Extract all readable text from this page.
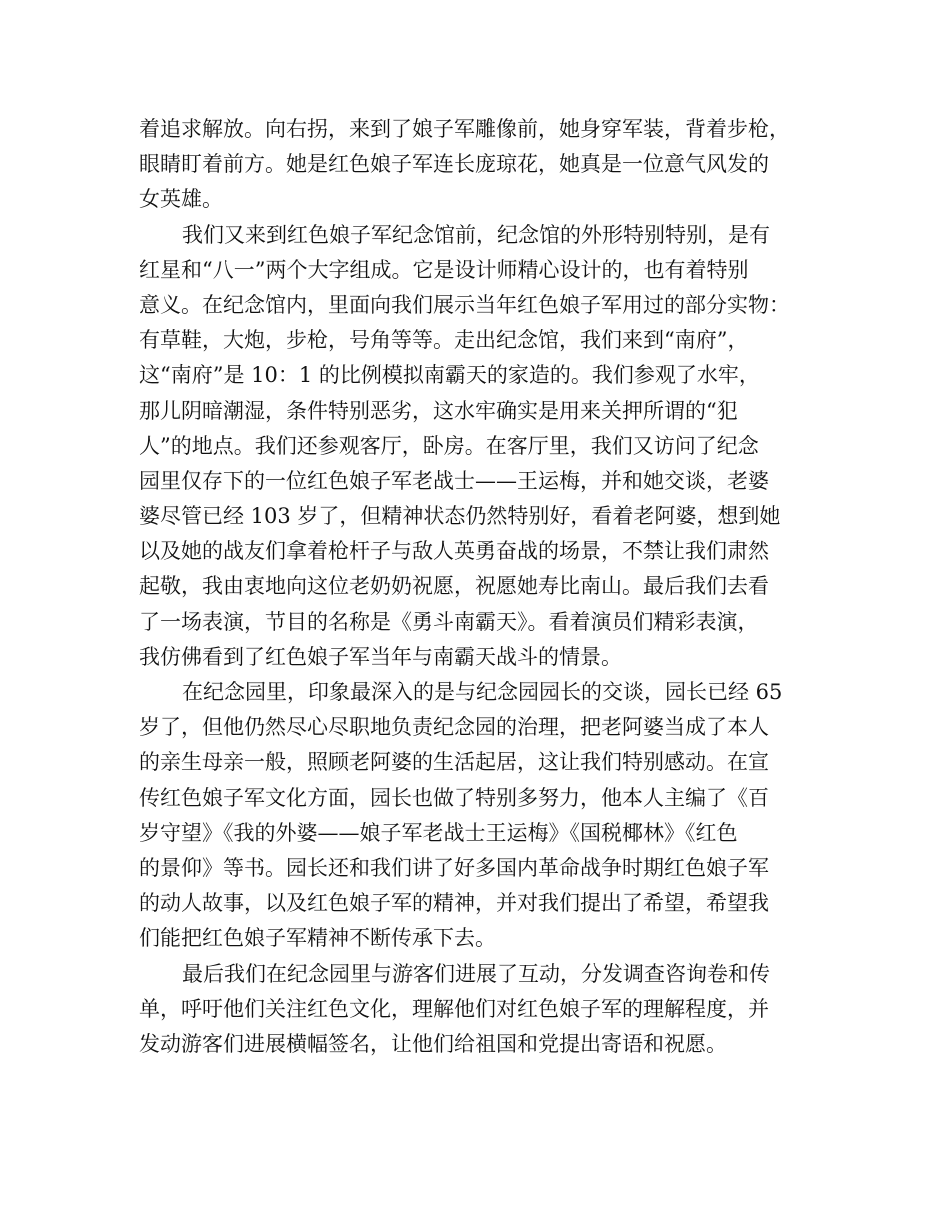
着追求解放。向右拐，来到了娘子军雕像前，她身穿军装，背着步枪，
眼睛盯着前方。她是红色娘子军连长庞琼花，她真是一位意气风发的
女英雄。
我们又来到红色娘子军纪念馆前，纪念馆的外形特别特别，是有
红星和“八一”两个大字组成。它是设计师精心设计的，也有着特别
意义。在纪念馆内，里面向我们展示当年红色娘子军用过的部分实物：
有草鞋，大炮，步枪，号角等等。走出纪念馆，我们来到“南府”，
这“南府”是 10：1 的比例模拟南霸天的家造的。我们参观了水牢，
那儿阴暗潮湿，条件特别恶劣，这水牢确实是用来关押所谓的“犯
人”的地点。我们还参观客厅，卧房。在客厅里，我们又访问了纪念
园里仅存下的一位红色娘子军老战士——王运梅，并和她交谈，老婆
婆尽管已经 103 岁了，但精神状态仍然特别好，看着老阿婆，想到她
以及她的战友们拿着枪杆子与敌人英勇奋战的场景，不禁让我们肃然
起敬，我由衷地向这位老奶奶祝愿，祝愿她寿比南山。最后我们去看
了一场表演，节目的名称是《勇斗南霸天》。看着演员们精彩表演，
我仿佛看到了红色娘子军当年与南霸天战斗的情景。
在纪念园里，印象最深入的是与纪念园园长的交谈，园长已经 65
岁了，但他仍然尽心尽职地负责纪念园的治理，把老阿婆当成了本人
的亲生母亲一般，照顾老阿婆的生活起居，这让我们特别感动。在宣
传红色娘子军文化方面，园长也做了特别多努力，他本人主编了《百
岁守望》《我的外婆——娘子军老战士王运梅》《国税椰林》《红色
的景仰》等书。园长还和我们讲了好多国内革命战争时期红色娘子军
的动人故事，以及红色娘子军的精神，并对我们提出了希望，希望我
们能把红色娘子军精神不断传承下去。
最后我们在纪念园里与游客们进展了互动，分发调查咨询卷和传
单，呼吁他们关注红色文化，理解他们对红色娘子军的理解程度，并
发动游客们进展横幅签名，让他们给祖国和党提出寄语和祝愿。
